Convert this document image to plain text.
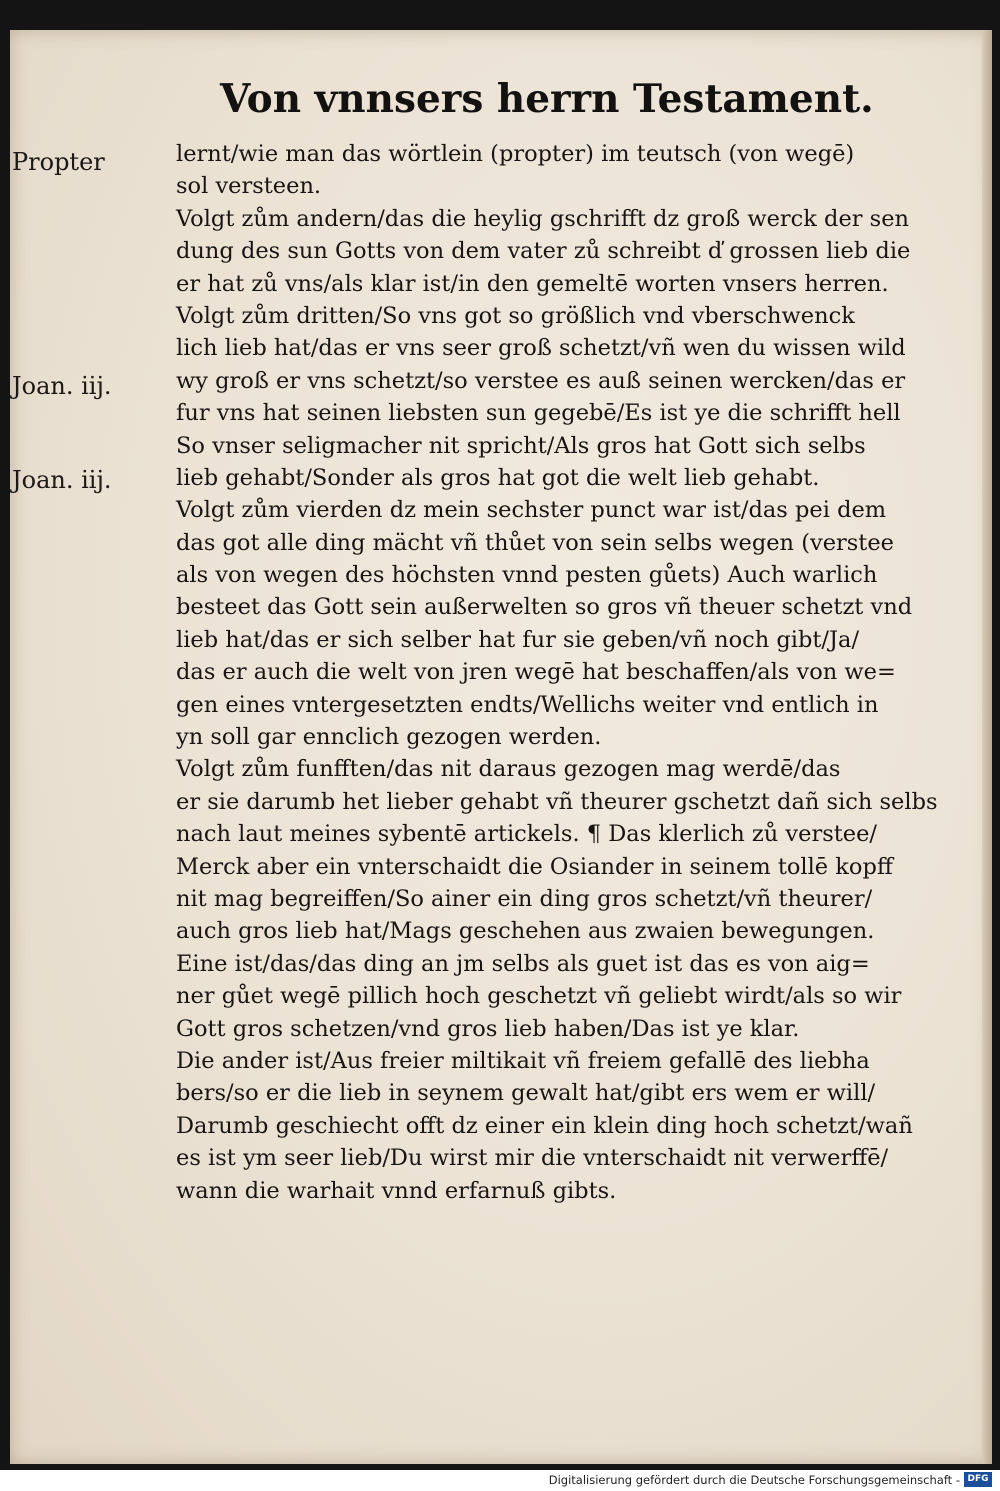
Von vnnsers herrn Testament.
Propter
Joan. iij.
Joan. iij.
lernt/wie man das wörtlein (propter) im teutsch (von wegē)
sol versteen.
Volgt zům andern/das die heylig gschrifft dz groß werck der sen
dung des sun Gotts von dem vater zů schreibt ď grossen lieb die
er hat zů vns/als klar ist/in den gemeltē worten vnsers herren.
Volgt zům dritten/So vns got so größlich vnd vberschwenck
lich lieb hat/das er vns seer groß schetzt/vñ wen du wissen wild
wy groß er vns schetzt/so verstee es auß seinen wercken/das er
fur vns hat seinen liebsten sun gegebē/Es ist ye die schrifft hell
So vnser seligmacher nit spricht/Als gros hat Gott sich selbs
lieb gehabt/Sonder als gros hat got die welt lieb gehabt.
Volgt zům vierden dz mein sechster punct war ist/das pei dem
das got alle ding mächt vñ thůet von sein selbs wegen (verstee
als von wegen des höchsten vnnd pesten gůets) Auch warlich
besteet das Gott sein außerwelten so gros vñ theuer schetzt vnd
lieb hat/das er sich selber hat fur sie geben/vñ noch gibt/Ja/
das er auch die welt von jren wegē hat beschaffen/als von we=
gen eines vntergesetzten endts/Wellichs weiter vnd entlich in
yn soll gar ennclich gezogen werden.
Volgt zům funfften/das nit daraus gezogen mag werdē/das
er sie darumb het lieber gehabt vñ theurer gschetzt dañ sich selbs
nach laut meines sybentē artickels. ¶ Das klerlich zů verstee/
Merck aber ein vnterschaidt die Osiander in seinem tollē kopff
nit mag begreiffen/So ainer ein ding gros schetzt/vñ theurer/
auch gros lieb hat/Mags geschehen aus zwaien bewegungen.
Eine ist/das/das ding an jm selbs als guet ist das es von aig=
ner gůet wegē pillich hoch geschetzt vñ geliebt wirdt/als so wir
Gott gros schetzen/vnd gros lieb haben/Das ist ye klar.
Die ander ist/Aus freier miltikait vñ freiem gefallē des liebha
bers/so er die lieb in seynem gewalt hat/gibt ers wem er will/
Darumb geschiecht offt dz einer ein klein ding hoch schetzt/wañ
es ist ym seer lieb/Du wirst mir die vnterschaidt nit verwerffē/
wann die warhait vnnd erfarnuß gibts.
Digitalisierung gefördert durch die Deutsche Forschungsgemeinschaft - DFG
